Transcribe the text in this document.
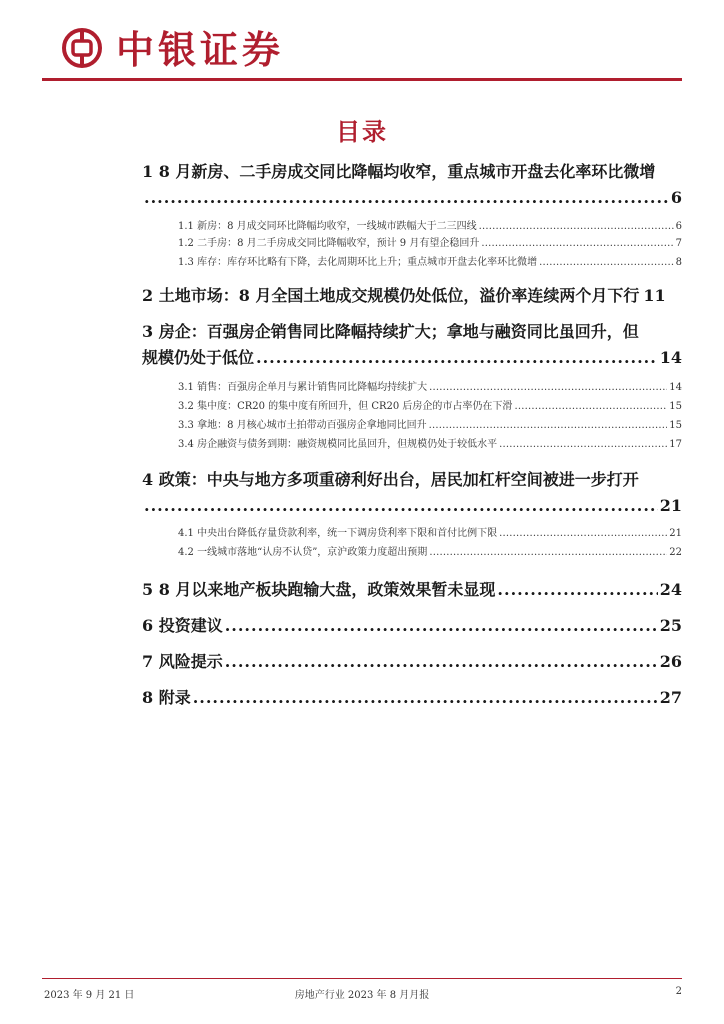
中银证券
目录
1 8 月新房、二手房成交同比降幅均收窄，重点城市开盘去化率环比微增
.....
6
1.1 新房：8 月成交同环比降幅均收窄，一线城市跌幅大于二三四线 .....	6
1.2 二手房：8 月二手房成交同比降幅收窄，预计 9 月有望企稳回升 .....	7
1.3 库存：库存环比略有下降，去化周期环比上升；重点城市开盘去化率环比微增 .....	8
2 土地市场：8 月全国土地成交规模仍处低位，溢价率连续两个月下行 11
3 房企：百强房企销售同比降幅持续扩大；拿地与融资同比虽回升，但
规模仍处于低位 .....	14
3.1 销售：百强房企单月与累计销售同比降幅均持续扩大 .....	14
3.2 集中度：CR20 的集中度有所回升，但 CR20 后房企的市占率仍在下滑 .....	15
3.3 拿地：8 月核心城市土拍带动百强房企拿地同比回升 .....	15
3.4 房企融资与债务到期：融资规模同比虽回升，但规模仍处于较低水平 .....	17
4 政策：中央与地方多项重磅利好出台，居民加杠杆空间被进一步打开
.....
21
4.1 中央出台降低存量贷款利率，统一下调房贷利率下限和首付比例下限 .....	21
4.2 一线城市落地“认房不认贷”，京沪政策力度超出预期 .....	22
5 8 月以来地产板块跑输大盘，政策效果暂未显现 .....	24
6 投资建议 .....	25
7 风险提示 .....	26
8 附录 .....	27
2023 年 9 月 21 日	房地产行业 2023 年 8 月月报	2
